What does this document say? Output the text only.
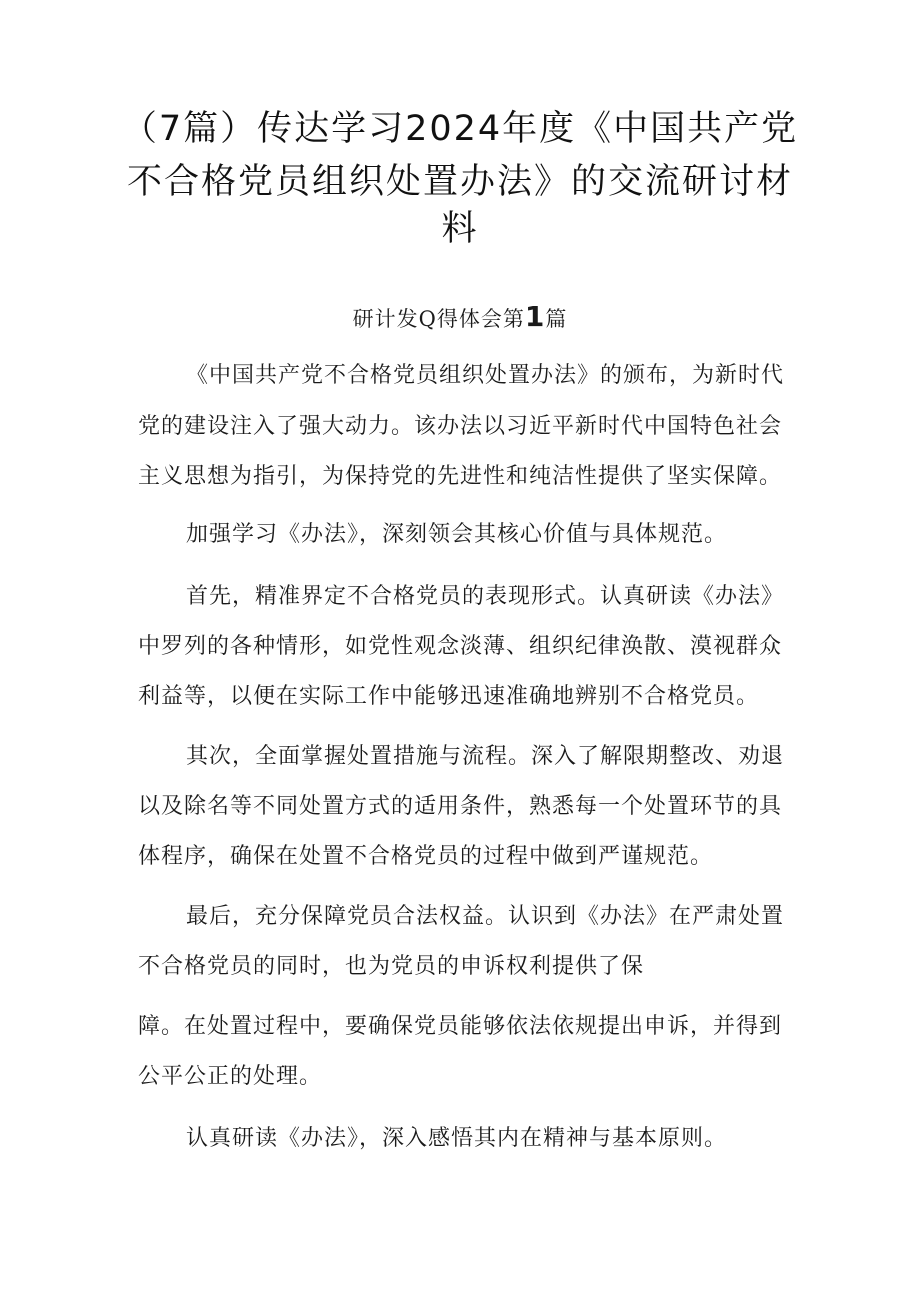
（7篇）传达学习2024年度《中国共产党
不合格党员组织处置办法》的交流研讨材
料
研计发Q得体会第1篇
《中国共产党不合格党员组织处置办法》的颁布，为新时代
党的建设注入了强大动力。该办法以习近平新时代中国特色社会
主义思想为指引，为保持党的先进性和纯洁性提供了坚实保障。
加强学习《办法》，深刻领会其核心价值与具体规范。
首先，精准界定不合格党员的表现形式。认真研读《办法》
中罗列的各种情形，如党性观念淡薄、组织纪律涣散、漠视群众
利益等，以便在实际工作中能够迅速准确地辨别不合格党员。
其次，全面掌握处置措施与流程。深入了解限期整改、劝退
以及除名等不同处置方式的适用条件，熟悉每一个处置环节的具
体程序，确保在处置不合格党员的过程中做到严谨规范。
最后，充分保障党员合法权益。认识到《办法》在严肃处置
不合格党员的同时，也为党员的申诉权利提供了保
障。在处置过程中，要确保党员能够依法依规提出申诉，并得到
公平公正的处理。
认真研读《办法》，深入感悟其内在精神与基本原则。
